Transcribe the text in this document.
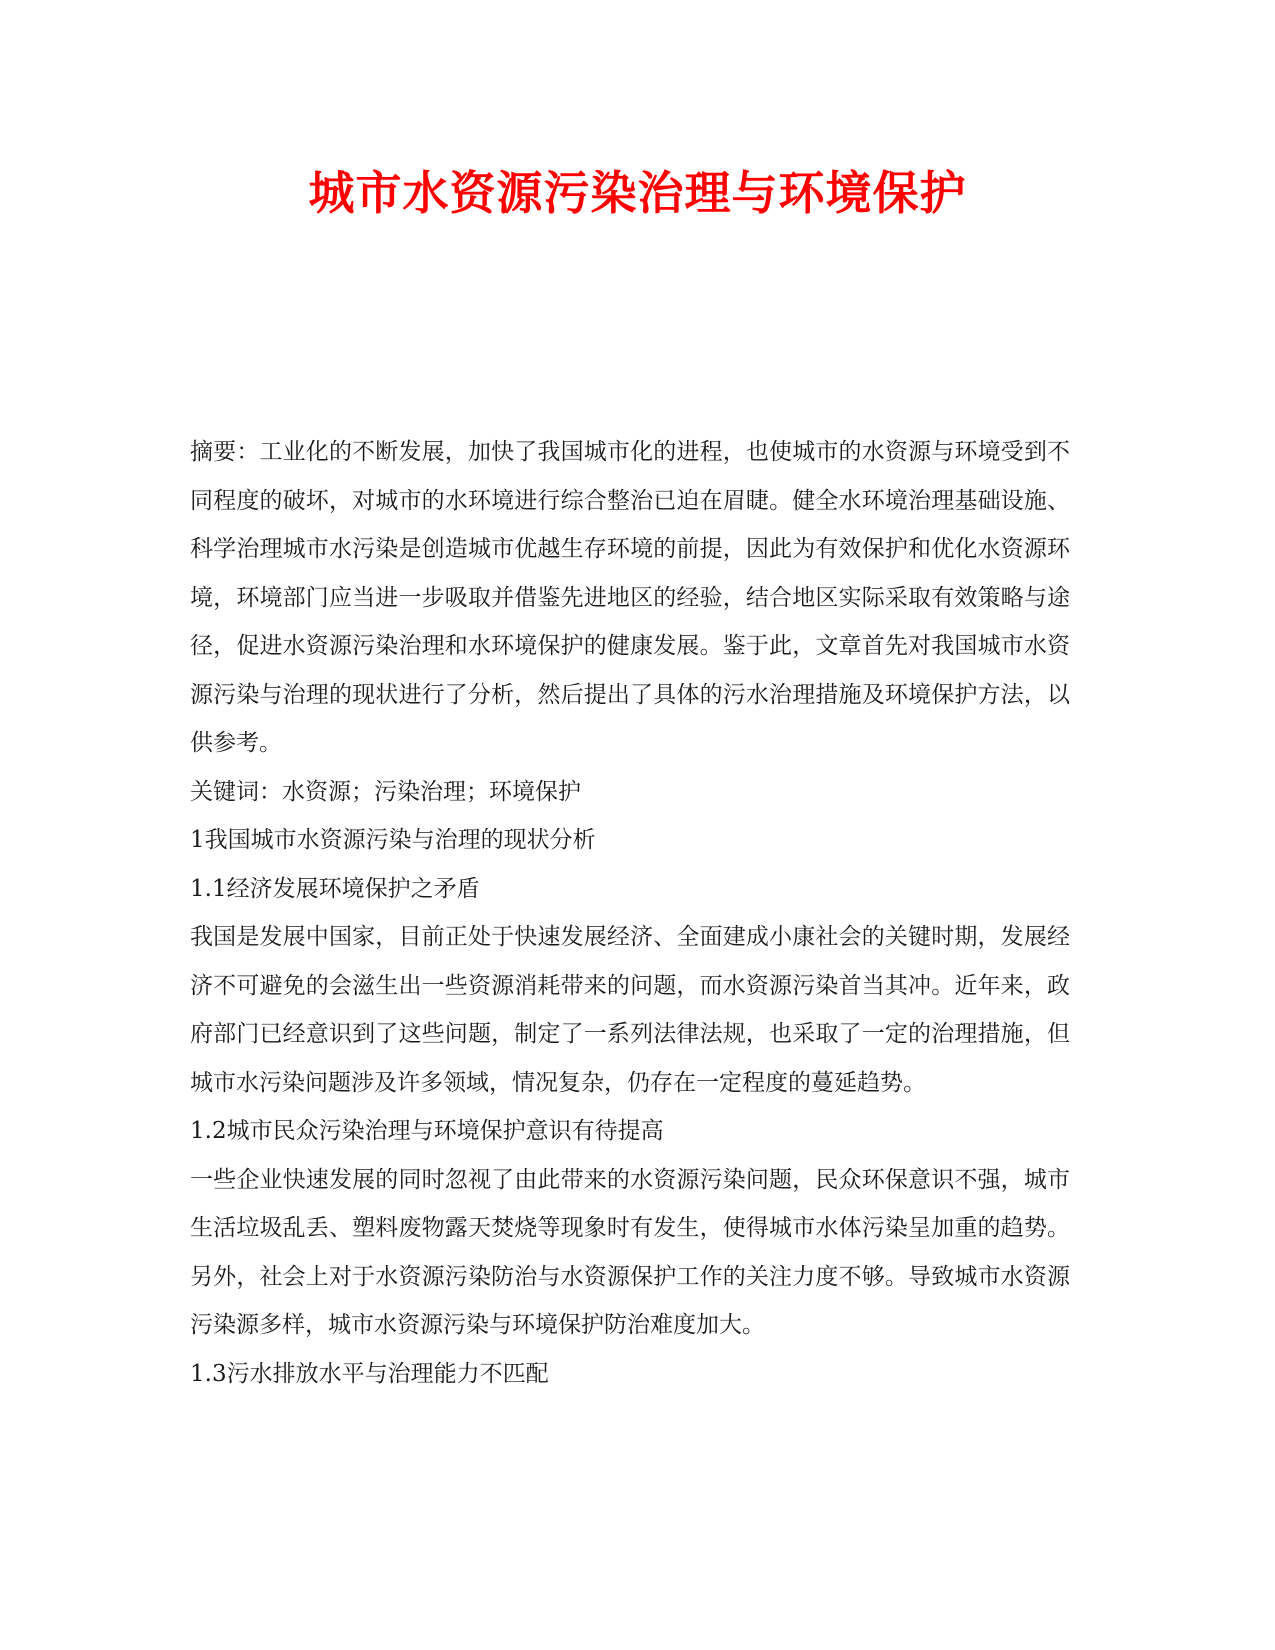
城市水资源污染治理与环境保护

摘要：工业化的不断发展，加快了我国城市化的进程，也使城市的水资源与环境受到不同程度的破坏，对城市的水环境进行综合整治已迫在眉睫。健全水环境治理基础设施、科学治理城市水污染是创造城市优越生存环境的前提，因此为有效保护和优化水资源环境，环境部门应当进一步吸取并借鉴先进地区的经验，结合地区实际采取有效策略与途径，促进水资源污染治理和水环境保护的健康发展。鉴于此，文章首先对我国城市水资源污染与治理的现状进行了分析，然后提出了具体的污水治理措施及环境保护方法，以供参考。

关键词：水资源；污染治理；环境保护

1我国城市水资源污染与治理的现状分析

1.1经济发展环境保护之矛盾

我国是发展中国家，目前正处于快速发展经济、全面建成小康社会的关键时期，发展经济不可避免的会滋生出一些资源消耗带来的问题，而水资源污染首当其冲。近年来，政府部门已经意识到了这些问题，制定了一系列法律法规，也采取了一定的治理措施，但城市水污染问题涉及许多领域，情况复杂，仍存在一定程度的蔓延趋势。

1.2城市民众污染治理与环境保护意识有待提高

一些企业快速发展的同时忽视了由此带来的水资源污染问题，民众环保意识不强，城市生活垃圾乱丢、塑料废物露天焚烧等现象时有发生，使得城市水体污染呈加重的趋势。另外，社会上对于水资源污染防治与水资源保护工作的关注力度不够。导致城市水资源污染源多样，城市水资源污染与环境保护防治难度加大。

1.3污水排放水平与治理能力不匹配
